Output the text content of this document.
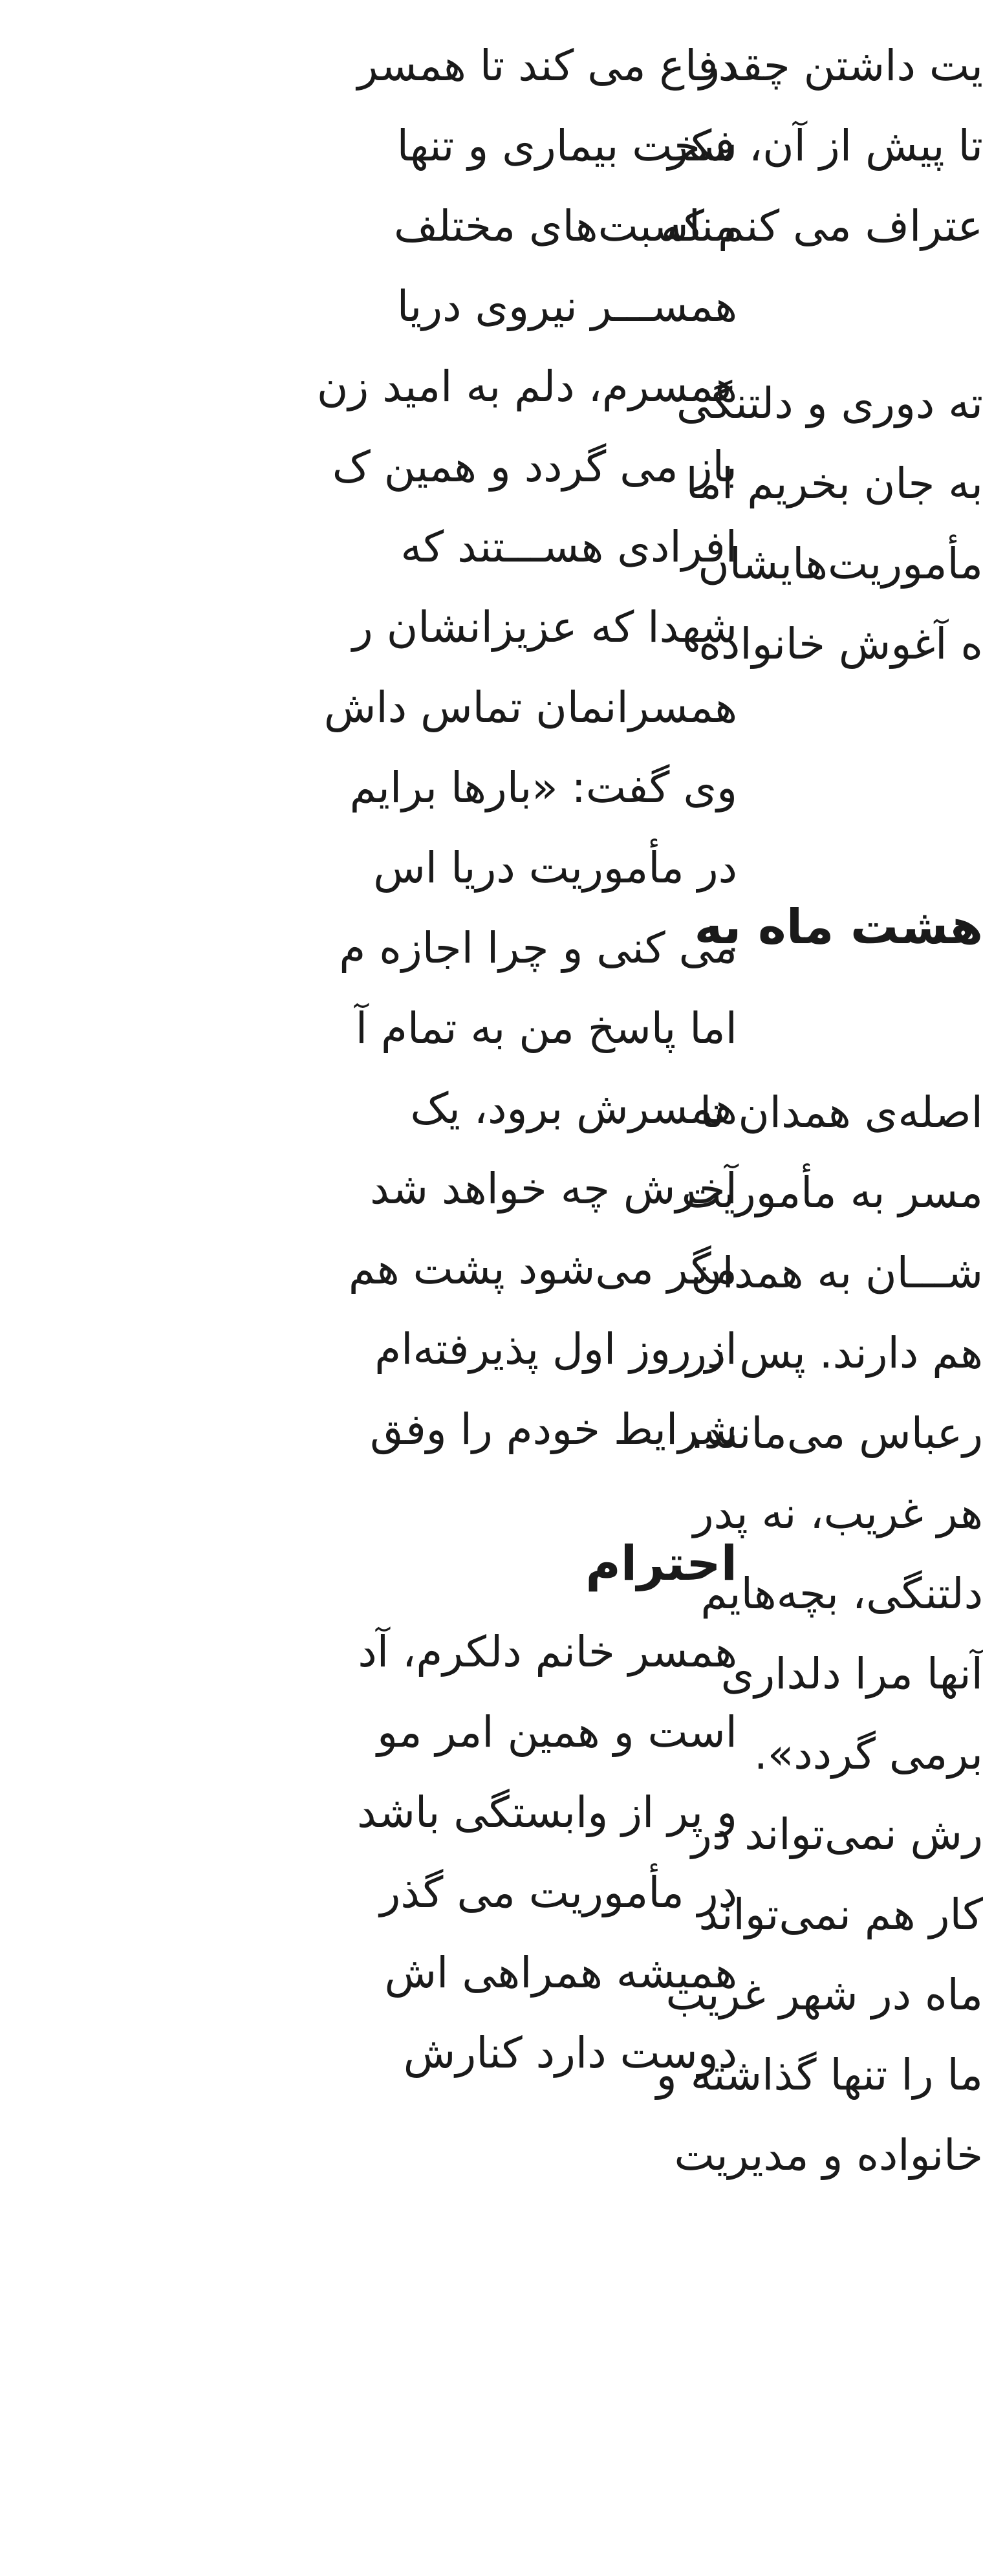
دفاع می کند تا همسر
سخت بیماری و تنها
مناسبت‌های مختلف
همســـر نیروی دریا
همسرم، دلم به امید زن
باز می گردد و همین ک
افرادی هســـتند که
شهدا که عزیزانشان ر
همسرانمان تماس داش
وی گفت: «بارها برایم
در مأموریت دریا اس
می کنی و چرا اجازه م
اما پاسخ من به تمام آ
همسرش برود، یک
آخرش چه خواهد شد
مگر می‌شود پشت هم
از روز اول پذیرفته‌ام
شرایط خودم را وفق
احترام
همسر خانم دلکرم، آد
است و همین امر مو
و پر از وابستگی باشد
در مأموریت می گذر
همیشه همراهی اش
دوست دارد کنارش
یت داشتن چقدر
تا پیش از آن، فکر
عتراف می کنم که
ته دوری و دلتنگی
به جان بخریم اما
مأموریت‌هایشان
ه آغوش خانواده
هشت ماه به
اصله‌ی همدان تا
مسر به مأموریت
شـــان به همدان
هم دارند. پس در
رعباس می‌مانند.
هر غریب، نه پدر
دلتنگی، بچه‌هایم
آنها مرا دلداری
برمی گردد».
رش نمی‌تواند در
کار هم نمی‌تواند
ماه در شهر غریب
ما را تنها گذاشته و
خانواده و مدیریت
